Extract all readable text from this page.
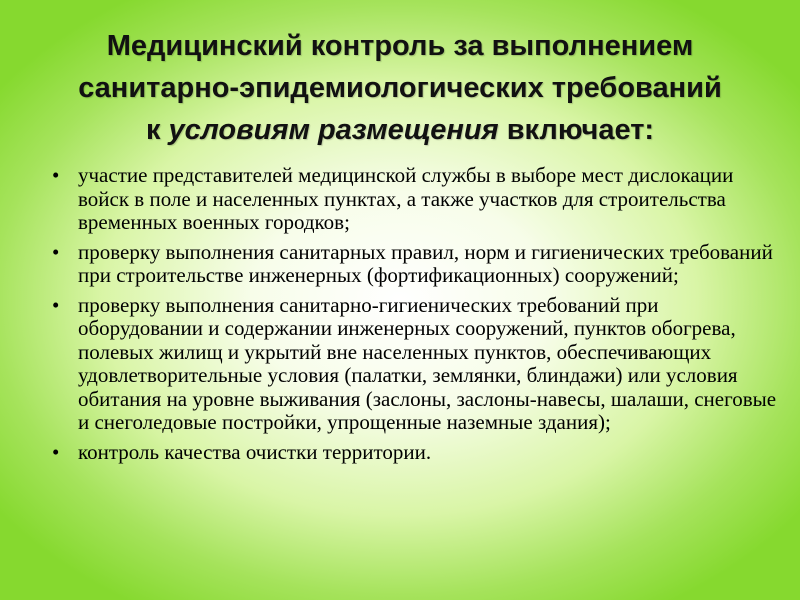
Медицинский контроль за выполнением
санитарно-эпидемиологических требований
к условиям размещения включает:
• участие представителей медицинской службы в выборе мест дислокации войск в поле и населенных пунктах, а также участков для строительства временных военных городков;
• проверку выполнения санитарных правил, норм и гигиенических требований при строительстве инженерных (фортификационных) сооружений;
• проверку выполнения санитарно-гигиенических требований при оборудовании и содержании инженерных сооружений, пунктов обогрева, полевых жилищ и укрытий вне населенных пунктов, обеспечивающих удовлетворительные условия (палатки, землянки, блиндажи) или условия обитания на уровне выживания (заслоны, заслоны-навесы, шалаши, снеговые и снеголедовые постройки, упрощенные наземные здания);
• контроль качества очистки территории.
